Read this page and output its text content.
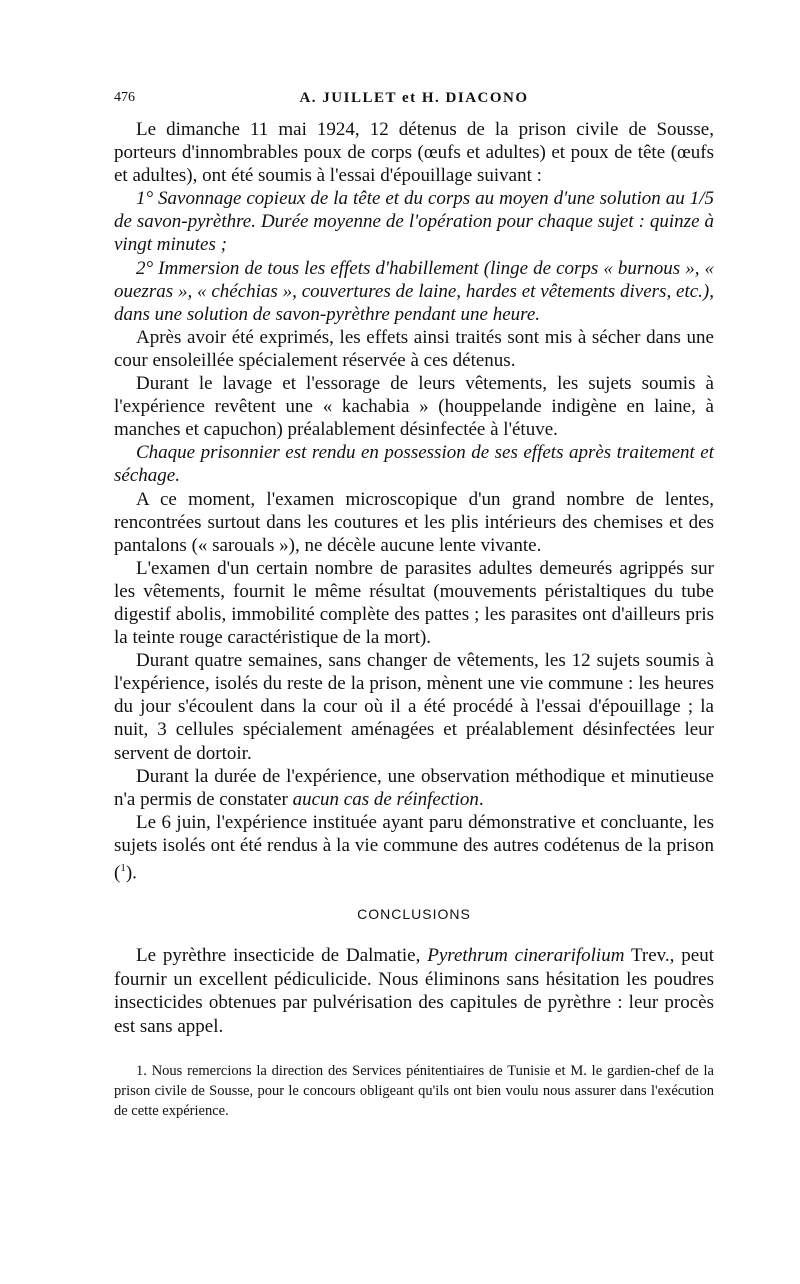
476	A. JUILLET et H. DIACONO

Le dimanche 11 mai 1924, 12 détenus de la prison civile de Sousse, porteurs d'innombrables poux de corps (œufs et adultes) et poux de tête (œufs et adultes), ont été soumis à l'essai d'épouillage suivant :

1° Savonnage copieux de la tête et du corps au moyen d'une solution au 1/5 de savon-pyrèthre. Durée moyenne de l'opération pour chaque sujet : quinze à vingt minutes ;

2° Immersion de tous les effets d'habillement (linge de corps « burnous », « ouezras », « chéchias », couvertures de laine, hardes et vêtements divers, etc.), dans une solution de savon-pyrèthre pendant une heure.

Après avoir été exprimés, les effets ainsi traités sont mis à sécher dans une cour ensoleillée spécialement réservée à ces détenus.

Durant le lavage et l'essorage de leurs vêtements, les sujets soumis à l'expérience revêtent une « kachabia » (houppelande indigène en laine, à manches et capuchon) préalablement désinfectée à l'étuve.

Chaque prisonnier est rendu en possession de ses effets après traitement et séchage.

A ce moment, l'examen microscopique d'un grand nombre de lentes, rencontrées surtout dans les coutures et les plis intérieurs des chemises et des pantalons (« sarouals »), ne décèle aucune lente vivante.

L'examen d'un certain nombre de parasites adultes demeurés agrippés sur les vêtements, fournit le même résultat (mouvements péristaltiques du tube digestif abolis, immobilité complète des pattes ; les parasites ont d'ailleurs pris la teinte rouge caractéristique de la mort).

Durant quatre semaines, sans changer de vêtements, les 12 sujets soumis à l'expérience, isolés du reste de la prison, mènent une vie commune : les heures du jour s'écoulent dans la cour où il a été procédé à l'essai d'épouillage ; la nuit, 3 cellules spécialement aménagées et préalablement désinfectées leur servent de dortoir.

Durant la durée de l'expérience, une observation méthodique et minutieuse n'a permis de constater aucun cas de réinfection.

Le 6 juin, l'expérience instituée ayant paru démonstrative et concluante, les sujets isolés ont été rendus à la vie commune des autres codétenus de la prison ($^1$).

CONCLUSIONS

Le pyrèthre insecticide de Dalmatie, Pyrethrum cinerarifolium Trev., peut fournir un excellent pédiculicide. Nous éliminons sans hésitation les poudres insecticides obtenues par pulvérisation des capitules de pyrèthre : leur procès est sans appel.

1. Nous remercions la direction des Services pénitentiaires de Tunisie et M. le gardien-chef de la prison civile de Sousse, pour le concours obligeant qu'ils ont bien voulu nous assurer dans l'exécution de cette expérience.
